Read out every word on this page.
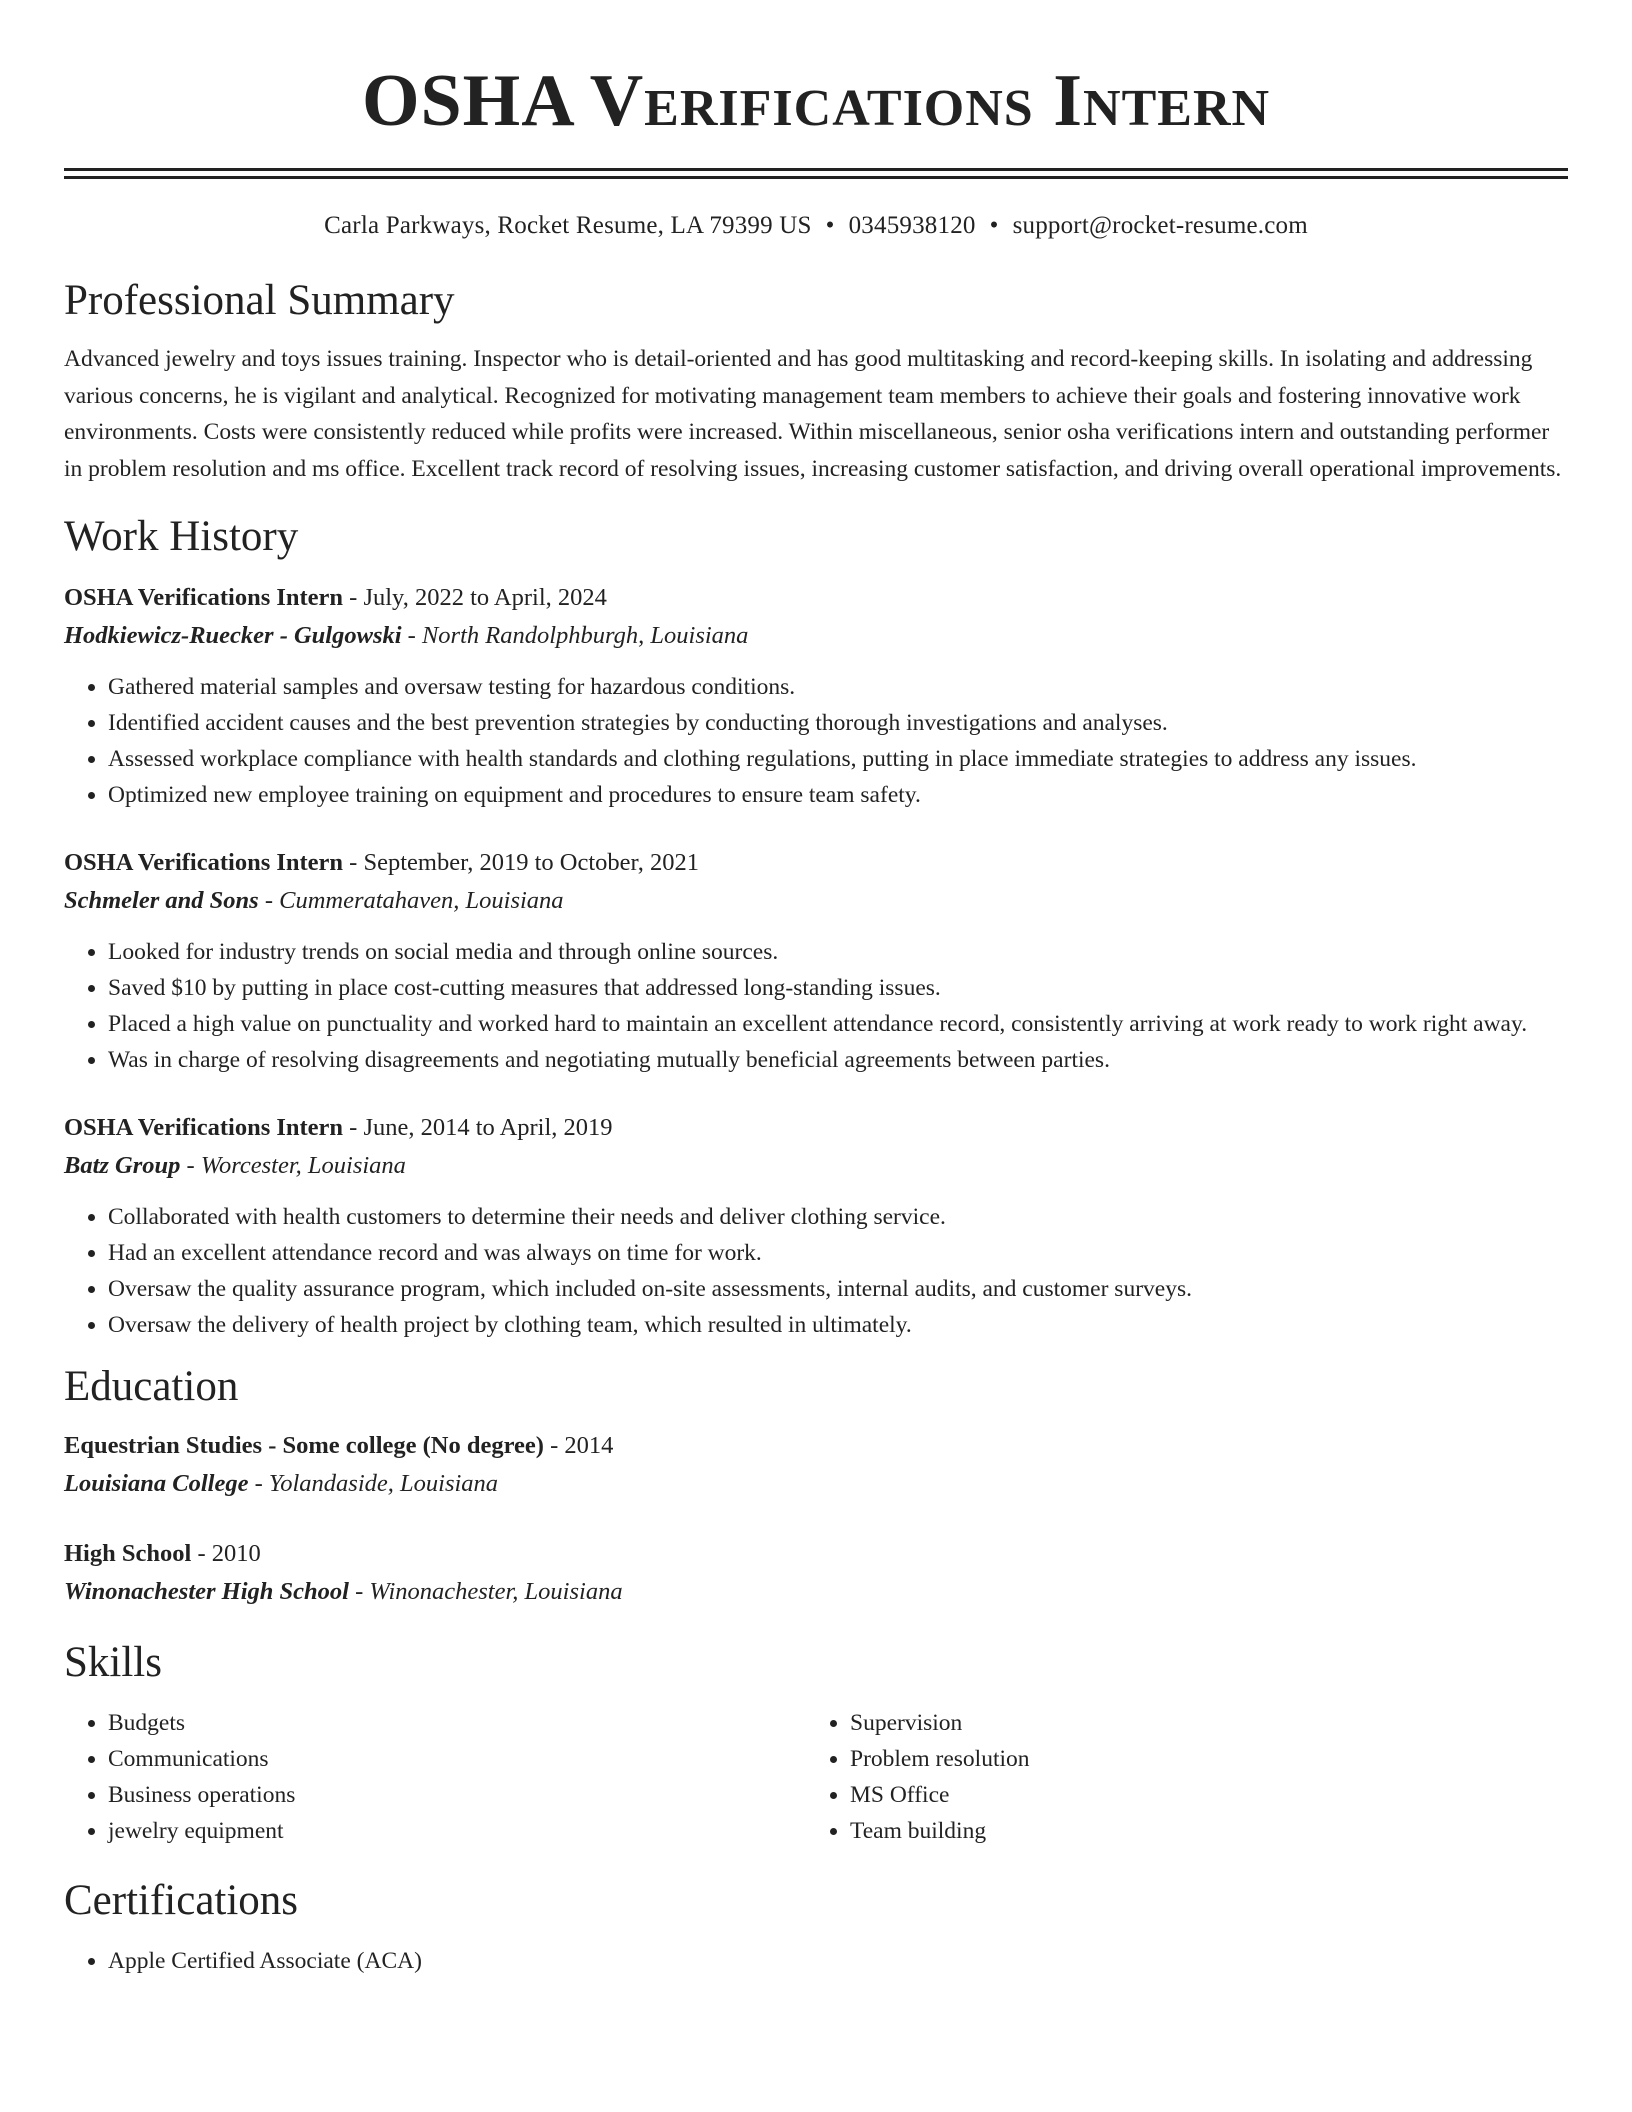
OSHA Verifications Intern
Carla Parkways, Rocket Resume, LA 79399 US • 0345938120 • support@rocket-resume.com
Professional Summary

Advanced jewelry and toys issues training. Inspector who is detail-oriented and has good multitasking and record-keeping skills. In isolating and addressing various concerns, he is vigilant and analytical. Recognized for motivating management team members to achieve their goals and fostering innovative work environments. Costs were consistently reduced while profits were increased. Within miscellaneous, senior osha verifications intern and outstanding performer in problem resolution and ms office. Excellent track record of resolving issues, increasing customer satisfaction, and driving overall operational improvements.

Work History
OSHA Verifications Intern - July, 2022 to April, 2024
Hodkiewicz-Ruecker - Gulgowski - North Randolphburgh, Louisiana
• Gathered material samples and oversaw testing for hazardous conditions.
• Identified accident causes and the best prevention strategies by conducting thorough investigations and analyses.
• Assessed workplace compliance with health standards and clothing regulations, putting in place immediate strategies to address any issues.
• Optimized new employee training on equipment and procedures to ensure team safety.
OSHA Verifications Intern - September, 2019 to October, 2021
Schmeler and Sons - Cummeratahaven, Louisiana
• Looked for industry trends on social media and through online sources.
• Saved $10 by putting in place cost-cutting measures that addressed long-standing issues.
• Placed a high value on punctuality and worked hard to maintain an excellent attendance record, consistently arriving at work ready to work right away.
• Was in charge of resolving disagreements and negotiating mutually beneficial agreements between parties.
OSHA Verifications Intern - June, 2014 to April, 2019
Batz Group - Worcester, Louisiana
• Collaborated with health customers to determine their needs and deliver clothing service.
• Had an excellent attendance record and was always on time for work.
• Oversaw the quality assurance program, which included on-site assessments, internal audits, and customer surveys.
• Oversaw the delivery of health project by clothing team, which resulted in ultimately.
Education
Equestrian Studies - Some college (No degree) - 2014
Louisiana College - Yolandaside, Louisiana
High School - 2010
Winonachester High School - Winonachester, Louisiana
Skills
• Budgets
• Communications
• Business operations
• jewelry equipment
• Supervision
• Problem resolution
• MS Office
• Team building
Certifications
• Apple Certified Associate (ACA)
